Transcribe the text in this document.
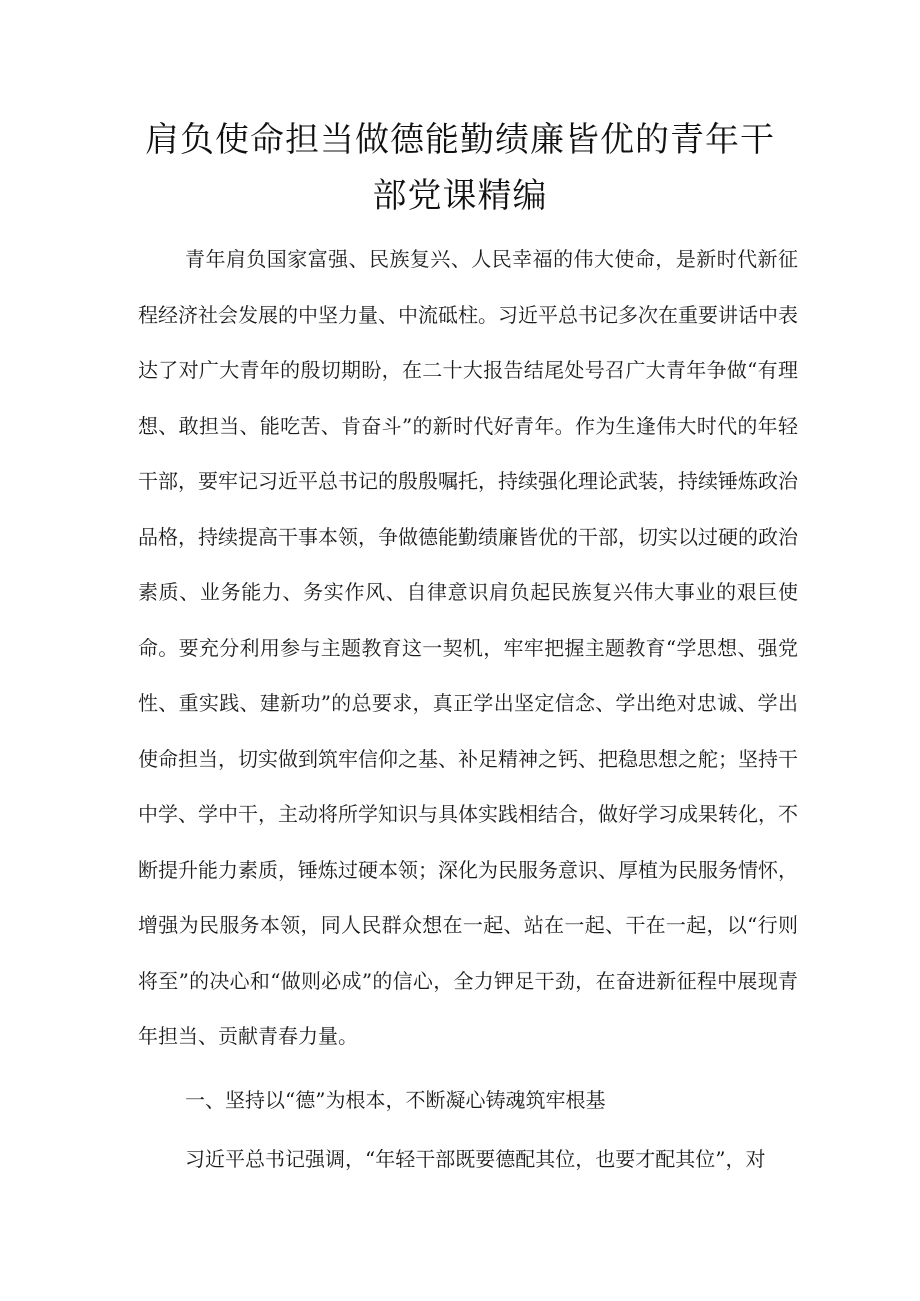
肩负使命担当做德能勤绩廉皆优的青年干
部党课精编

青年肩负国家富强、民族复兴、人民幸福的伟大使命，是新时代新征程经济社会发展的中坚力量、中流砥柱。习近平总书记多次在重要讲话中表达了对广大青年的殷切期盼，在二十大报告结尾处号召广大青年争做“有理想、敢担当、能吃苦、肯奋斗”的新时代好青年。作为生逢伟大时代的年轻干部，要牢记习近平总书记的殷殷嘱托，持续强化理论武装，持续锤炼政治品格，持续提高干事本领，争做德能勤绩廉皆优的干部，切实以过硬的政治素质、业务能力、务实作风、自律意识肩负起民族复兴伟大事业的艰巨使命。要充分利用参与主题教育这一契机，牢牢把握主题教育“学思想、强党性、重实践、建新功”的总要求，真正学出坚定信念、学出绝对忠诚、学出使命担当，切实做到筑牢信仰之基、补足精神之钙、把稳思想之舵；坚持干中学、学中干，主动将所学知识与具体实践相结合，做好学习成果转化，不断提升能力素质，锤炼过硬本领；深化为民服务意识、厚植为民服务情怀，增强为民服务本领，同人民群众想在一起、站在一起、干在一起，以“行则将至”的决心和“做则必成”的信心，全力钾足干劲，在奋进新征程中展现青年担当、贡献青春力量。

一、坚持以“德”为根本，不断凝心铸魂筑牢根基

习近平总书记强调，“年轻干部既要德配其位，也要才配其位”，对
